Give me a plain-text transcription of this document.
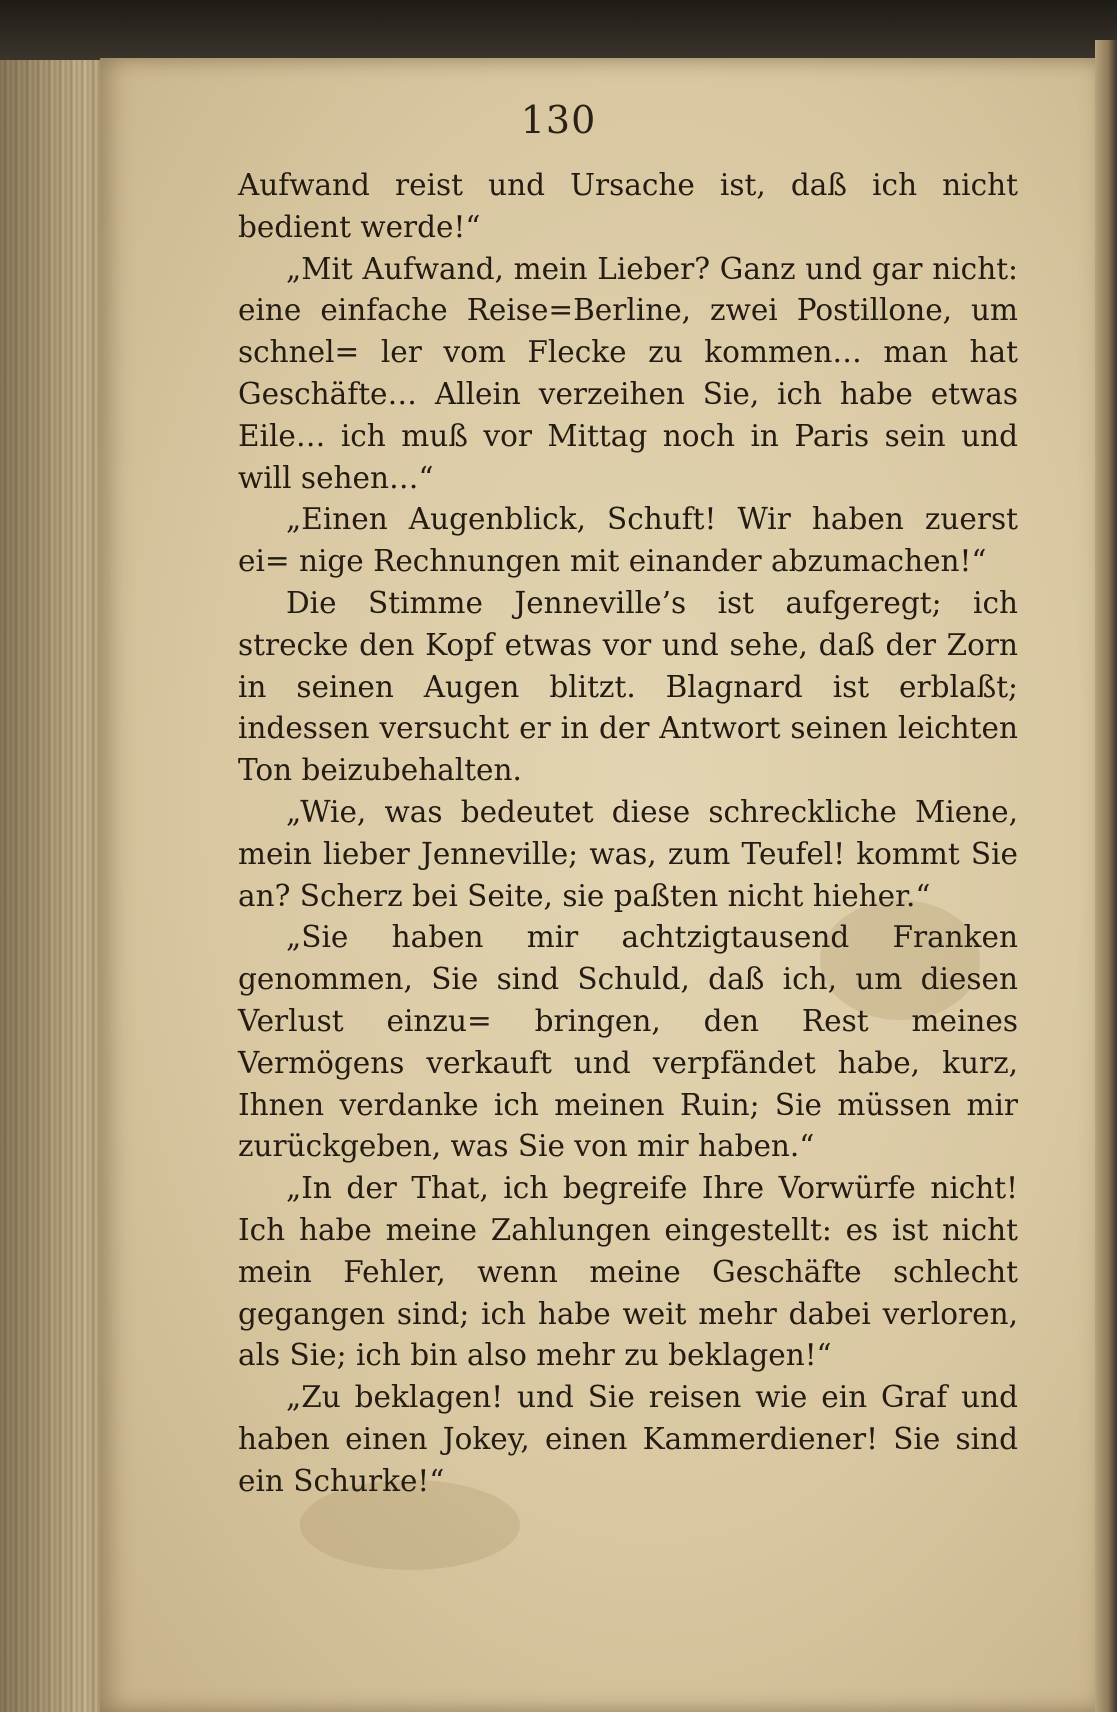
130

Aufwand reist und Ursache ist, daß ich nicht bedient werde!“

„Mit Aufwand, mein Lieber? Ganz und gar nicht: eine einfache Reise=Berline, zwei Postillone, um schnel= ler vom Flecke zu kommen… man hat Geschäfte… Allein verzeihen Sie, ich habe etwas Eile… ich muß vor Mittag noch in Paris sein und will sehen…“

„Einen Augenblick, Schuft! Wir haben zuerst ei= nige Rechnungen mit einander abzumachen!“

Die Stimme Jenneville’s ist aufgeregt; ich strecke den Kopf etwas vor und sehe, daß der Zorn in seinen Augen blitzt. Blagnard ist erblaßt; indessen versucht er in der Antwort seinen leichten Ton beizubehalten.

„Wie, was bedeutet diese schreckliche Miene, mein lieber Jenneville; was, zum Teufel! kommt Sie an? Scherz bei Seite, sie paßten nicht hieher.“

„Sie haben mir achtzigtausend Franken genommen, Sie sind Schuld, daß ich, um diesen Verlust einzu= bringen, den Rest meines Vermögens verkauft und verpfändet habe, kurz, Ihnen verdanke ich meinen Ruin; Sie müssen mir zurückgeben, was Sie von mir haben.“

„In der That, ich begreife Ihre Vorwürfe nicht! Ich habe meine Zahlungen eingestellt: es ist nicht mein Fehler, wenn meine Geschäfte schlecht gegangen sind; ich habe weit mehr dabei verloren, als Sie; ich bin also mehr zu beklagen!“

„Zu beklagen! und Sie reisen wie ein Graf und haben einen Jokey, einen Kammerdiener! Sie sind ein Schurke!“
